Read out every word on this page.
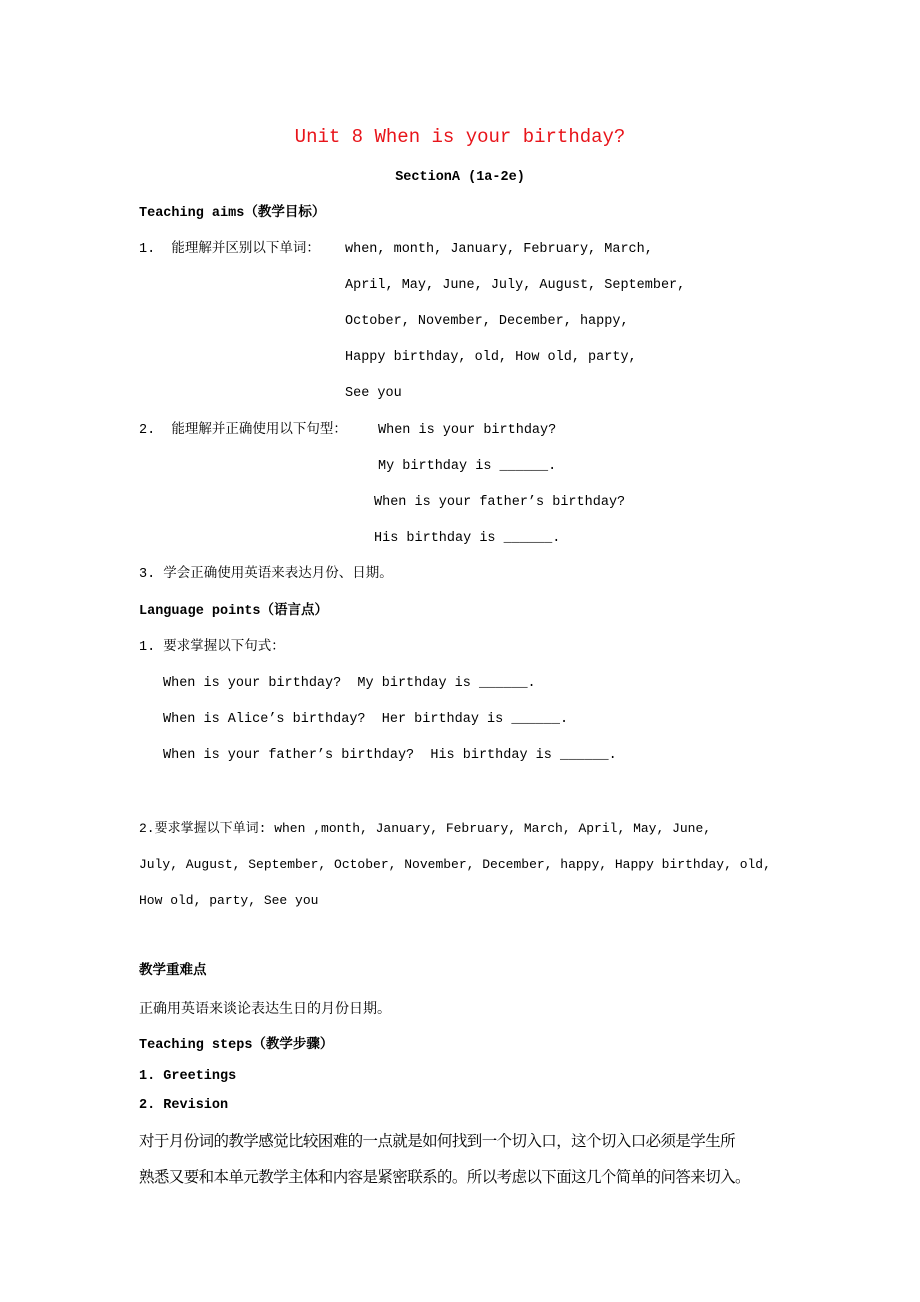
Unit 8 When is your birthday?
SectionA (1a-2e)
Teaching aims（教学目标）
1.  能理解并区别以下单词： when, month, January, February, March,
April, May, June, July, August, September,
October, November, December, happy,
Happy birthday, old, How old, party,
See you
2.  能理解并正确使用以下句型： When is your birthday?
My birthday is ______.
When is your father’s birthday?
His birthday is ______.
3. 学会正确使用英语来表达月份、日期。
Language points（语言点）
1. 要求掌握以下句式：
When is your birthday?  My birthday is ______.
When is Alice’s birthday?  Her birthday is ______.
When is your father’s birthday?  His birthday is ______.
2.要求掌握以下单词: when ,month, January, February, March, April, May, June,
July, August, September, October, November, December, happy, Happy birthday, old,
How old, party, See you
教学重难点
正确用英语来谈论表达生日的月份日期。
Teaching steps（教学步骤）
1. Greetings
2. Revision
对于月份词的教学感觉比较困难的一点就是如何找到一个切入口，这个切入口必须是学生所
熟悉又要和本单元教学主体和内容是紧密联系的。所以考虑以下面这几个简单的问答来切入。
